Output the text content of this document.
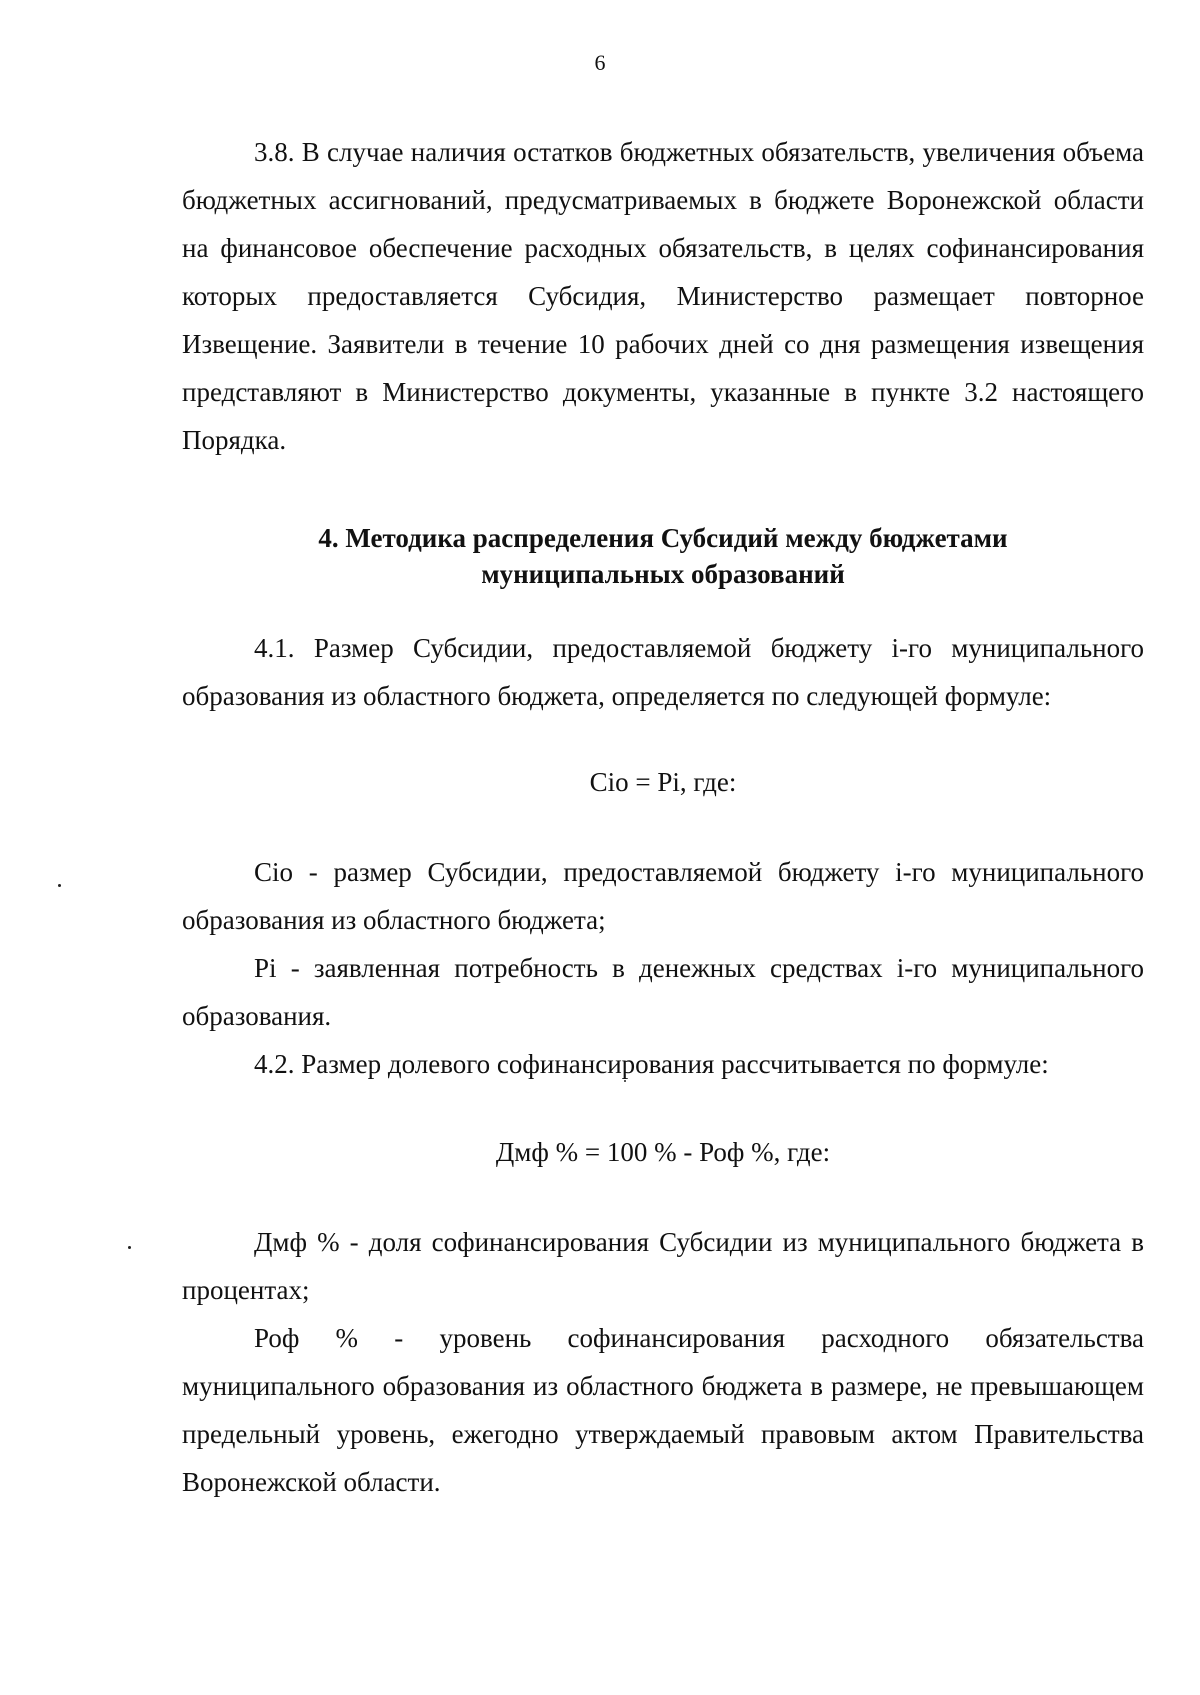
6

3.8. В случае наличия остатков бюджетных обязательств, увеличения объема бюджетных ассигнований, предусматриваемых в бюджете Воронежской области на финансовое обеспечение расходных обязательств, в целях софинансирования которых предоставляется Субсидия, Министерство размещает повторное Извещение. Заявители в течение 10 рабочих дней со дня размещения извещения представляют в Министерство документы, указанные в пункте 3.2 настоящего Порядка.

4. Методика распределения Субсидий между бюджетами
муниципальных образований

4.1. Размер Субсидии, предоставляемой бюджету i-го муниципального образования из областного бюджета, определяется по следующей формуле:

Cio = Pi, где:

Cio - размер Субсидии, предоставляемой бюджету i-го муниципального образования из областного бюджета;

Pi - заявленная потребность в денежных средствах i-го муниципального образования.

4.2. Размер долевого софинансирования рассчитывается по формуле:

Дмф % = 100 % - Роф %, где:

Дмф % - доля софинансирования Субсидии из муниципального бюджета в процентах;

Роф % - уровень софинансирования расходного обязательства муниципального образования из областного бюджета в размере, не превышающем предельный уровень, ежегодно утверждаемый правовым актом Правительства Воронежской области.
